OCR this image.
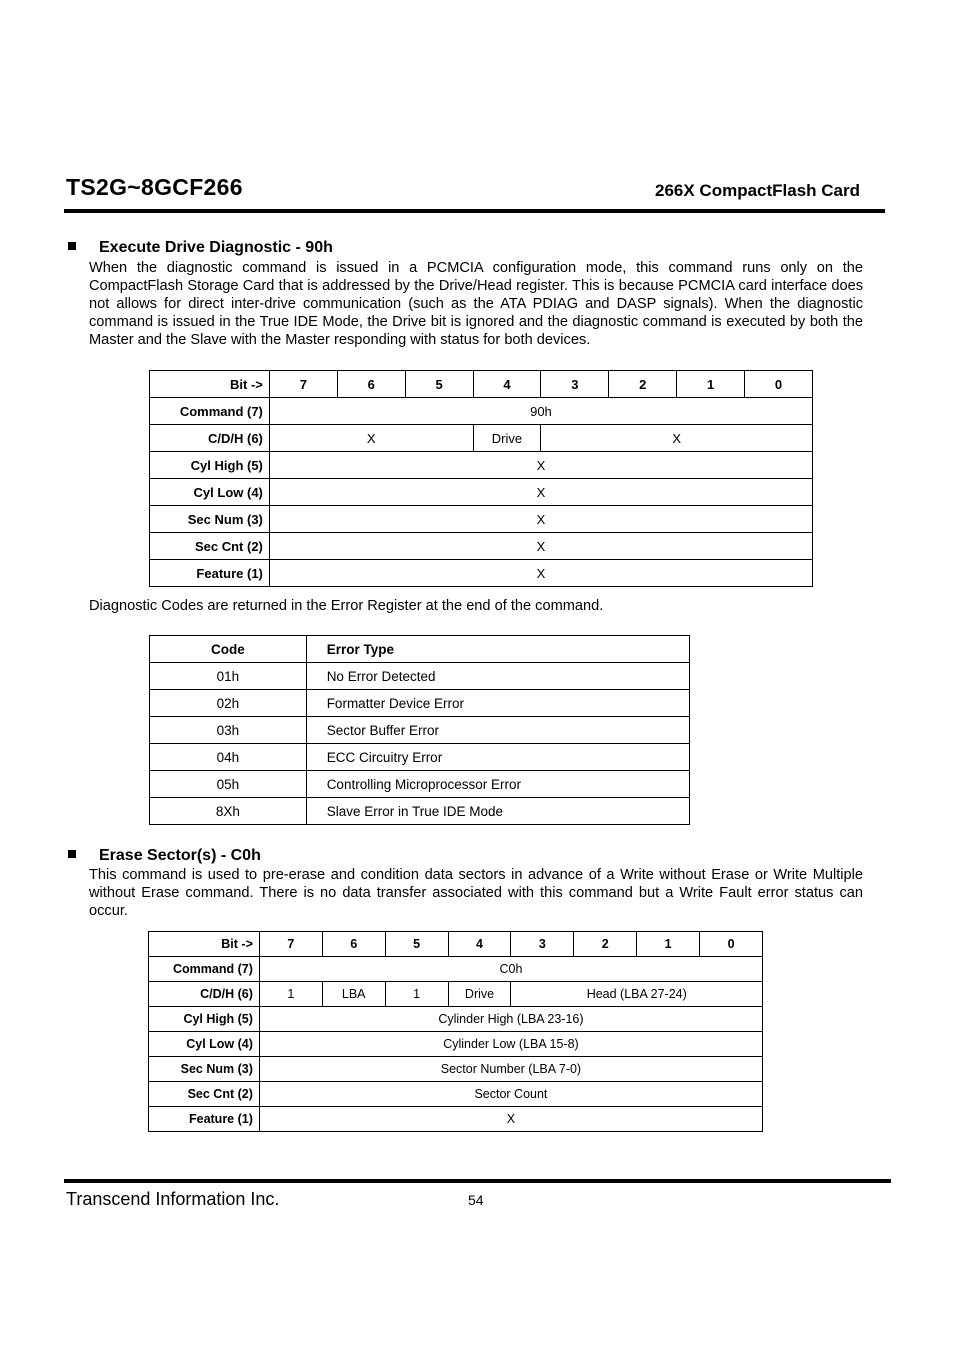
TS2G~8GCF266	266X CompactFlash Card
Execute Drive Diagnostic - 90h
When the diagnostic command is issued in a PCMCIA configuration mode, this command runs only on the CompactFlash Storage Card that is addressed by the Drive/Head register. This is because PCMCIA card interface does not allows for direct inter-drive communication (such as the ATA PDIAG and DASP signals). When the diagnostic command is issued in the True IDE Mode, the Drive bit is ignored and the diagnostic command is executed by both the Master and the Slave with the Master responding with status for both devices.
Bit ->	7	6	5	4	3	2	1	0
Command (7)	90h							
C/D/H (6)	X			Drive	X			
Cyl High (5)	X							
Cyl Low (4)	X							
Sec Num (3)	X							
Sec Cnt (2)	X							
Feature (1)	X							
Diagnostic Codes are returned in the Error Register at the end of the command.
Code	Error Type
01h	No Error Detected
02h	Formatter Device Error
03h	Sector Buffer Error
04h	ECC Circuitry Error
05h	Controlling Microprocessor Error
8Xh	Slave Error in True IDE Mode
Erase Sector(s) - C0h
This command is used to pre-erase and condition data sectors in advance of a Write without Erase or Write Multiple without Erase command. There is no data transfer associated with this command but a Write Fault error status can occur.
Bit ->	7	6	5	4	3	2	1	0
Command (7)	C0h							
C/D/H (6)	1	LBA	1	Drive	Head (LBA 27-24)			
Cyl High (5)	Cylinder High (LBA 23-16)							
Cyl Low (4)	Cylinder Low (LBA 15-8)							
Sec Num (3)	Sector Number (LBA 7-0)							
Sec Cnt (2)	Sector Count							
Feature (1)	X							
Transcend Information Inc.	54
